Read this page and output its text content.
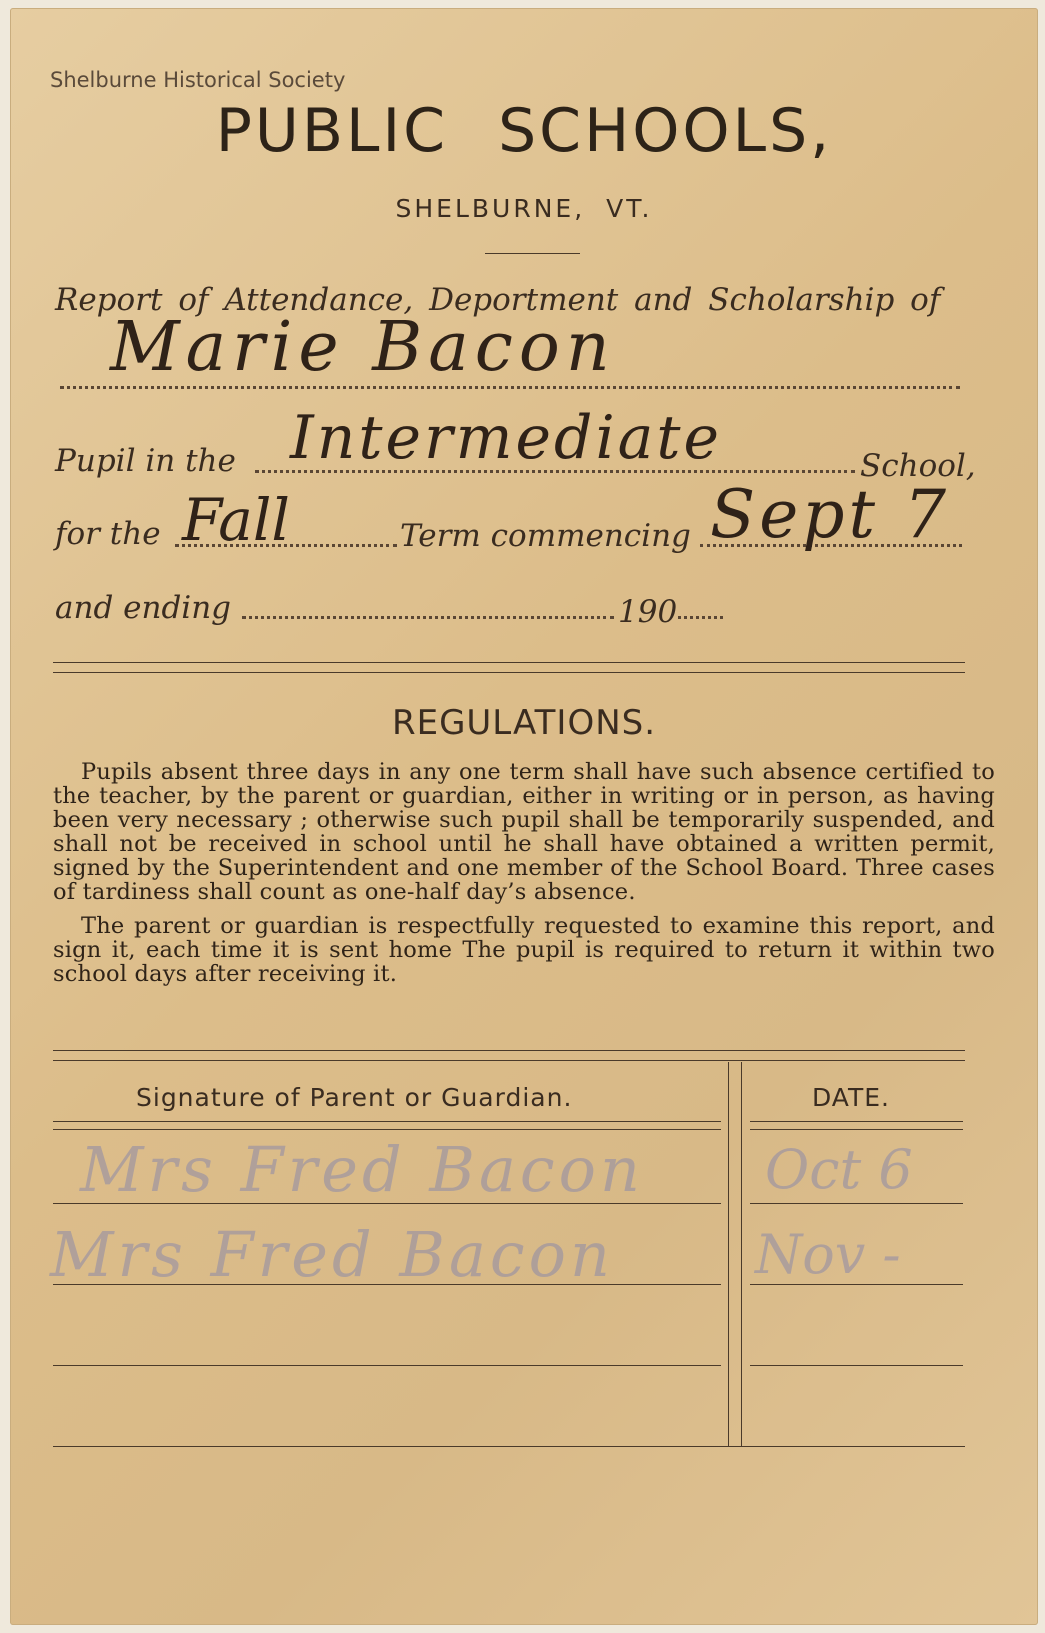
Shelburne Historical Society
PUBLIC SCHOOLS,
SHELBURNE, VT.
Report of Attendance, Deportment and Scholarship of
Marie Bacon
Pupil in the Intermediate	School,
for the Fall	Term commencing Sept 7
and ending	190
REGULATIONS.

Pupils absent three days in any one term shall have such absence certified to the teacher, by the parent or guardian, either in writing or in person, as having been very necessary ; otherwise such pupil shall be temporarily suspended, and shall not be received in school until he shall have obtained a written permit, signed by the Superintendent and one member of the School Board. Three cases of tardiness shall count as one-half day’s absence.

The parent or guardian is respectfully requested to examine this report, and sign it, each time it is sent home The pupil is required to return it within two school days after receiving it.

Signature of Parent or Guardian.	DATE.
Mrs Fred Bacon Oct 6
Mrs Fred Bacon	Nov -
